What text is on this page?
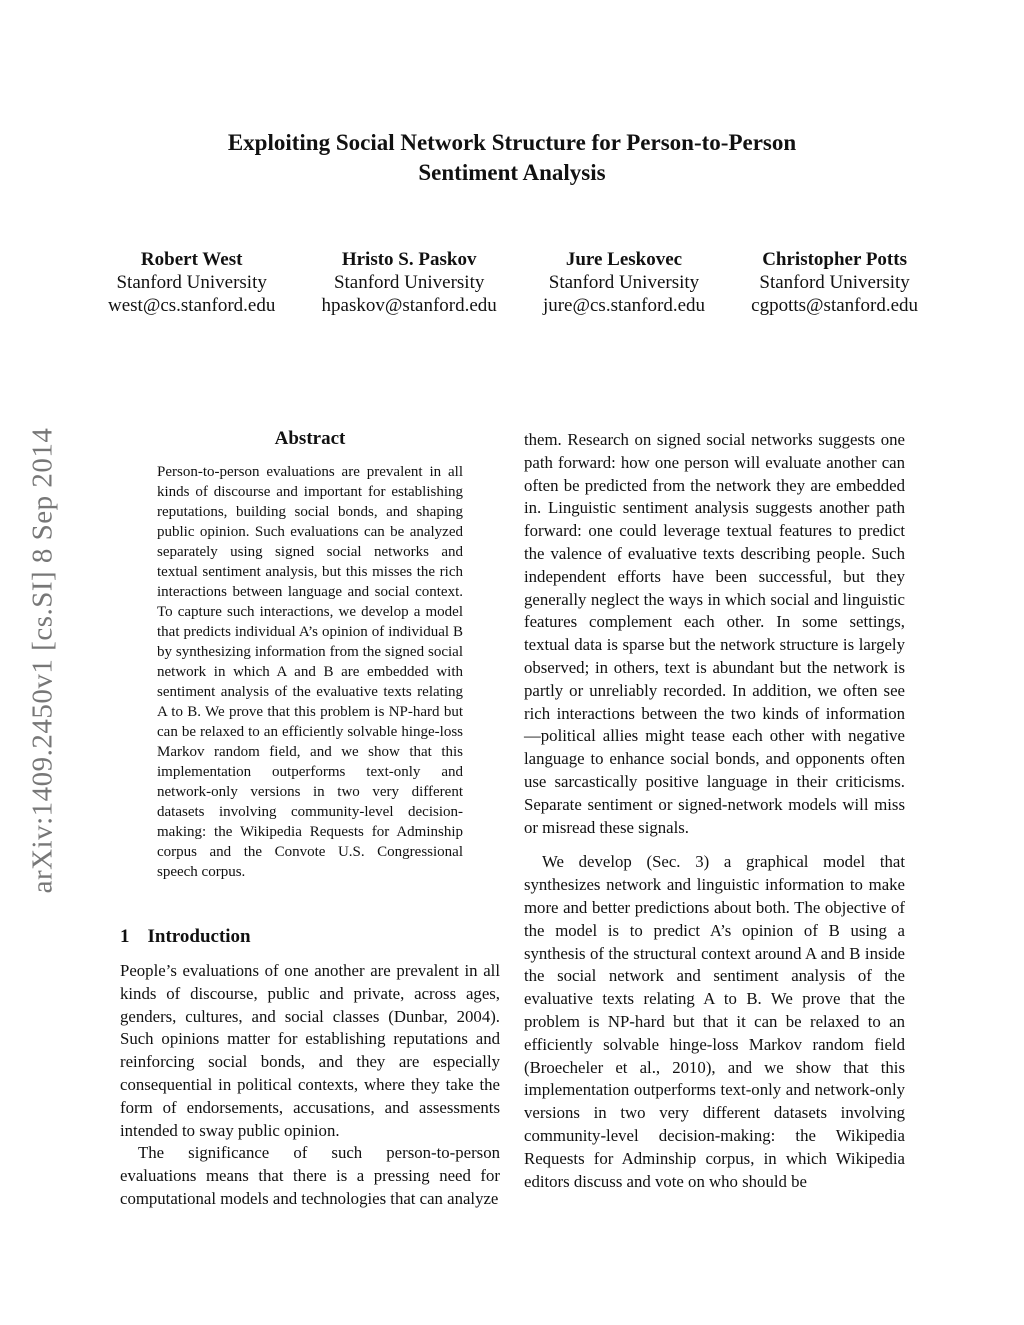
arXiv:1409.2450v1 [cs.SI] 8 Sep 2014
Exploiting Social Network Structure for Person-to-Person
Sentiment Analysis
Robert West
Stanford University
west@cs.stanford.edu
Hristo S. Paskov
Stanford University
hpaskov@stanford.edu
Jure Leskovec
Stanford University
jure@cs.stanford.edu
Christopher Potts
Stanford University
cgpotts@stanford.edu
Abstract

Person-to-person evaluations are prevalent in all kinds of discourse and important for establishing reputations, building social bonds, and shaping public opinion. Such evaluations can be analyzed separately using signed social networks and textual sentiment analysis, but this misses the rich interactions between language and social context. To capture such interactions, we develop a model that predicts individual A’s opinion of individual B by synthesizing information from the signed social network in which A and B are embedded with sentiment analysis of the evaluative texts relating A to B. We prove that this problem is NP-hard but can be relaxed to an efficiently solvable hinge-loss Markov random field, and we show that this implementation outperforms text-only and network-only versions in two very different datasets involving community-level decision-making: the Wikipedia Requests for Adminship corpus and the Convote U.S. Congressional speech corpus.

1 Introduction

People’s evaluations of one another are prevalent in all kinds of discourse, public and private, across ages, genders, cultures, and social classes (Dunbar, 2004). Such opinions matter for establishing reputations and reinforcing social bonds, and they are especially consequential in political contexts, where they take the form of endorsements, accusations, and assessments intended to sway public opinion.

The significance of such person-to-person evaluations means that there is a pressing need for computational models and technologies that can analyze

them. Research on signed social networks suggests one path forward: how one person will evaluate another can often be predicted from the network they are embedded in. Linguistic sentiment analysis suggests another path forward: one could leverage textual features to predict the valence of evaluative texts describing people. Such independent efforts have been successful, but they generally neglect the ways in which social and linguistic features complement each other. In some settings, textual data is sparse but the network structure is largely observed; in others, text is abundant but the network is partly or unreliably recorded. In addition, we often see rich interactions between the two kinds of information—political allies might tease each other with negative language to enhance social bonds, and opponents often use sarcastically positive language in their criticisms. Separate sentiment or signed-network models will miss or misread these signals.

We develop (Sec. 3) a graphical model that synthesizes network and linguistic information to make more and better predictions about both. The objective of the model is to predict A’s opinion of B using a synthesis of the structural context around A and B inside the social network and sentiment analysis of the evaluative texts relating A to B. We prove that the problem is NP-hard but that it can be relaxed to an efficiently solvable hinge-loss Markov random field (Broecheler et al., 2010), and we show that this implementation outperforms text-only and network-only versions in two very different datasets involving community-level decision-making: the Wikipedia Requests for Adminship corpus, in which Wikipedia editors discuss and vote on who should be
